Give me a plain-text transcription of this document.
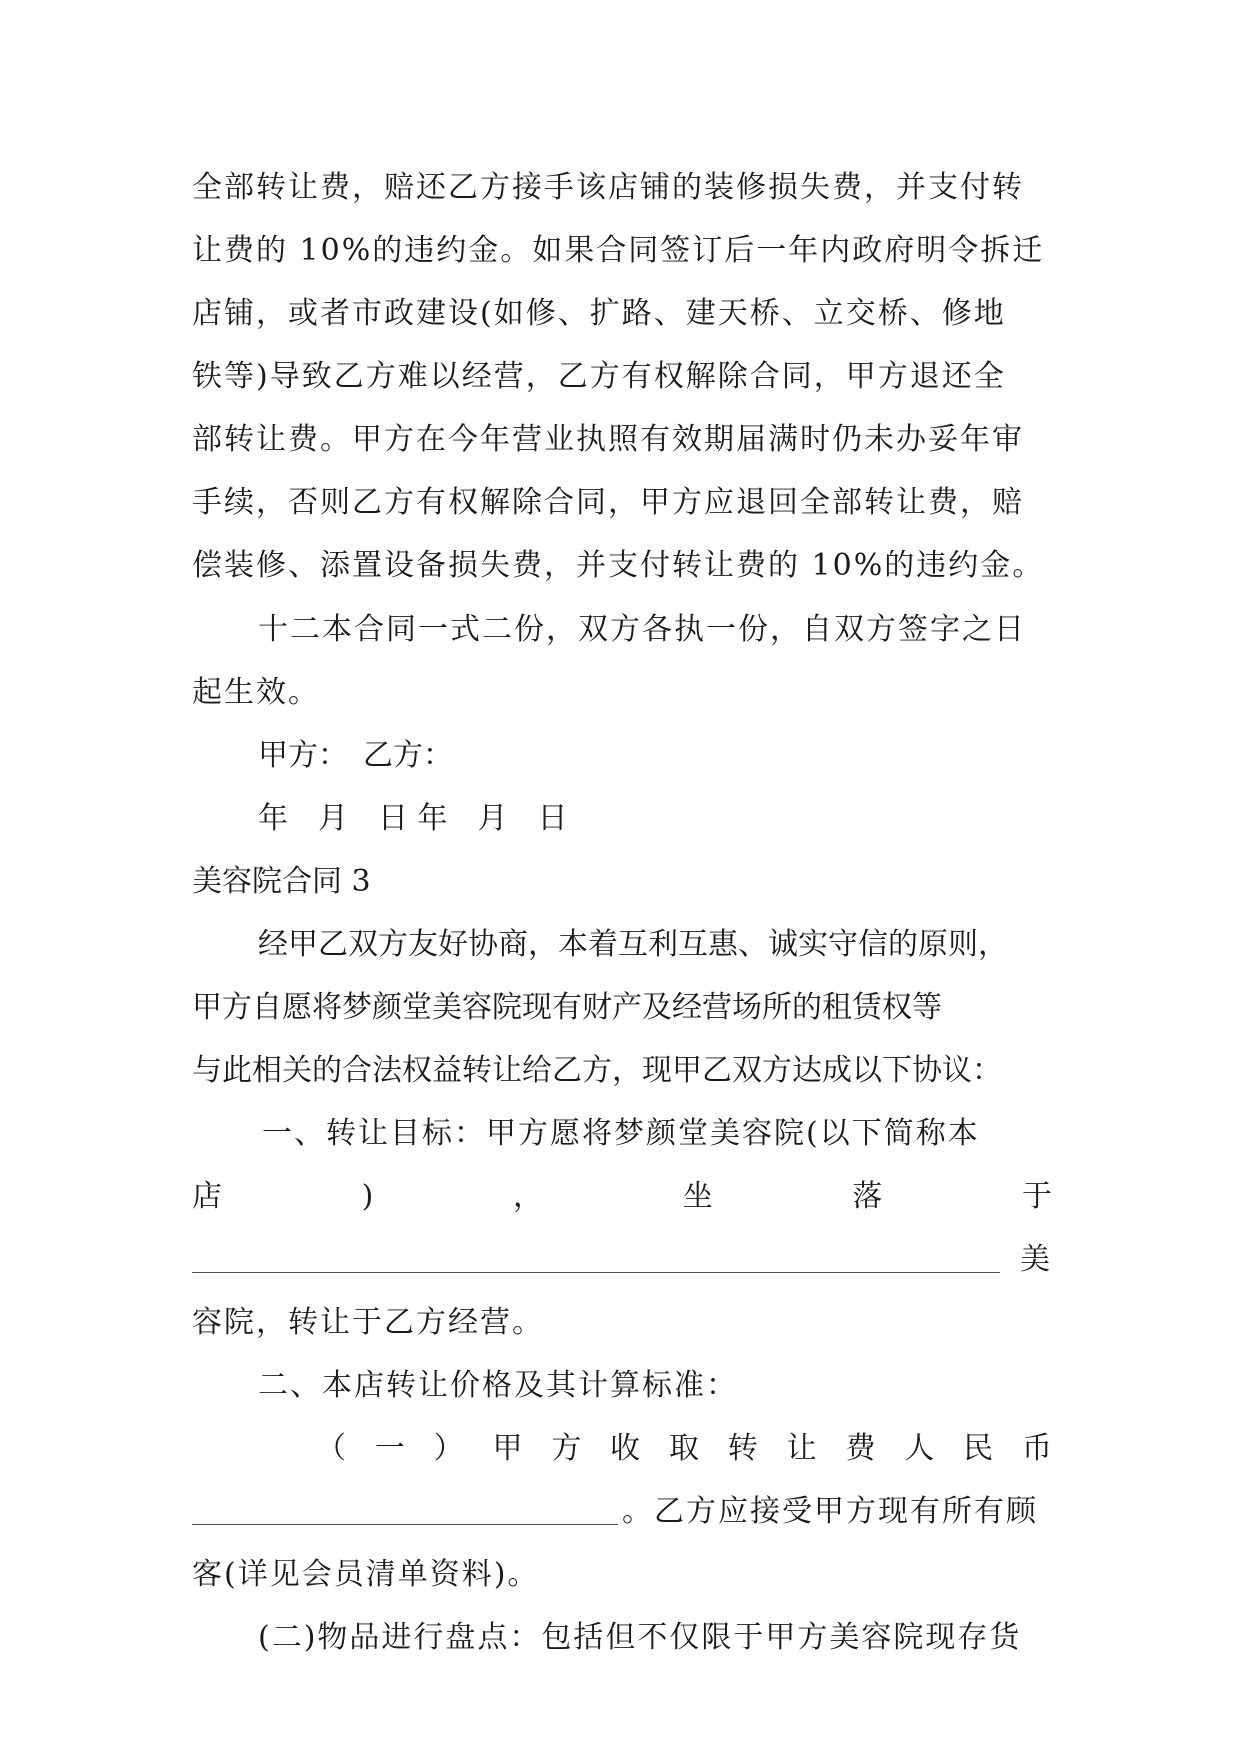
全部转让费，赔还乙方接手该店铺的装修损失费，并支付转
让费的 10%的违约金。如果合同签订后一年内政府明令拆迁
店铺，或者市政建设(如修、扩路、建天桥、立交桥、修地
铁等)导致乙方难以经营，乙方有权解除合同，甲方退还全
部转让费。甲方在今年营业执照有效期届满时仍未办妥年审
手续，否则乙方有权解除合同，甲方应退回全部转让费，赔
偿装修、添置设备损失费，并支付转让费的 10%的违约金。
十二本合同一式二份，双方各执一份，自双方签字之日
起生效。
甲方：　乙方：
年　月　日 年　月　日
美容院合同 3
经甲乙双方友好协商，本着互利互惠、诚实守信的原则，
甲方自愿将梦颜堂美容院现有财产及经营场所的租赁权等
与此相关的合法权益转让给乙方，现甲乙双方达成以下协议：
一、转让目标：甲方愿将梦颜堂美容院(以下简称本
店	)	，	坐	落	于
美
容院，转让于乙方经营。
二、本店转让价格及其计算标准：
（ 一 ） 甲 方 收 取 转 让 费 人 民 币
。乙方应接受甲方现有所有顾
客(详见会员清单资料)。
(二)物品进行盘点：包括但不仅限于甲方美容院现存货
